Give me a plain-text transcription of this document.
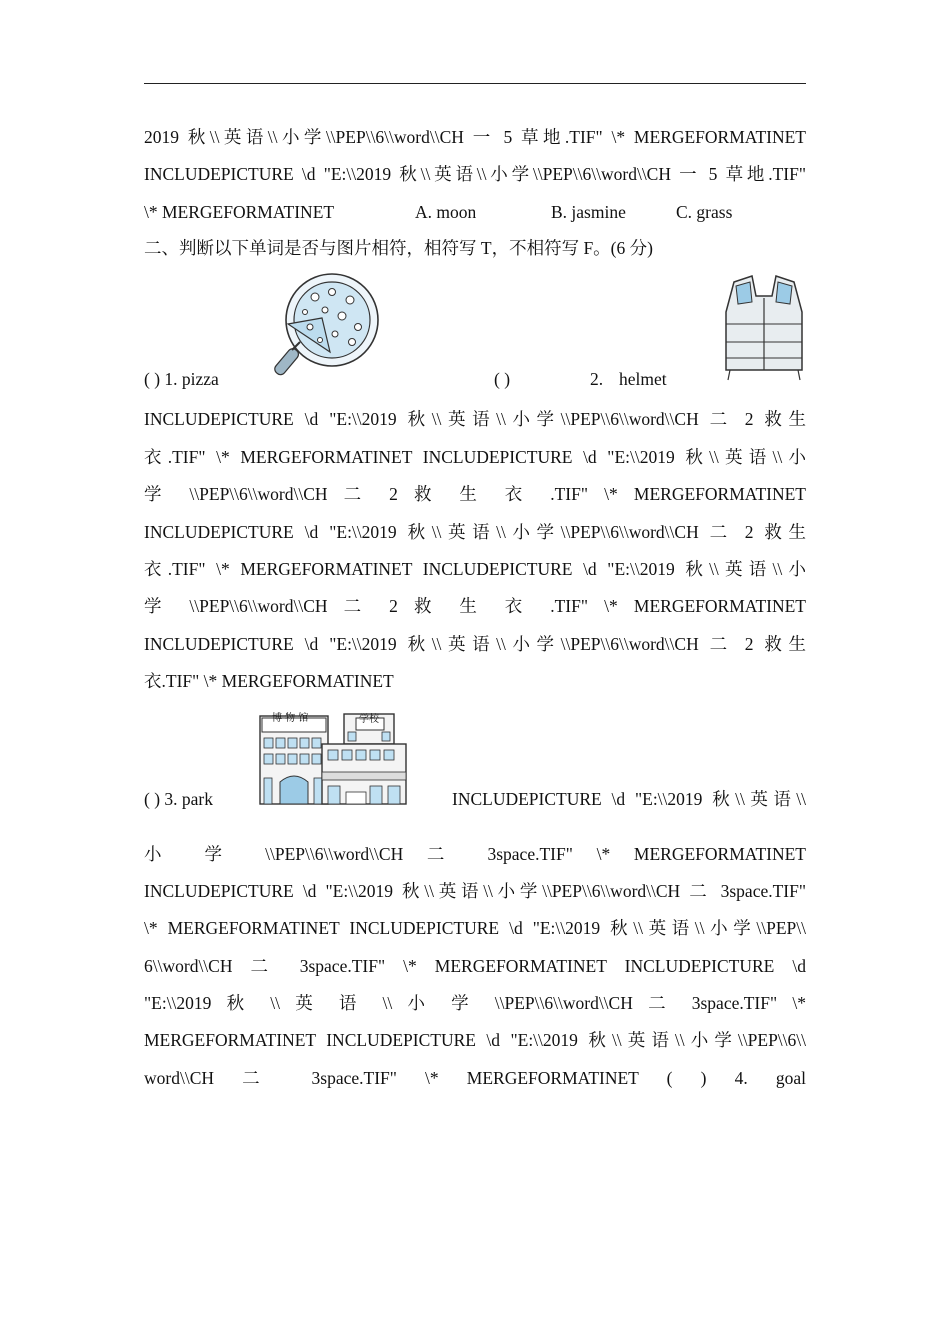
2019 秋\\英语\\小学\\PEP\\6\\word\\CH 一 5 草地.TIF" \* MERGEFORMATINET
INCLUDEPICTURE \d "E:\\2019 秋\\英语\\小学\\PEP\\6\\word\\CH 一 5 草地.TIF"
\* MERGEFORMATINET	A. moon	B. jasmine	C. grass
二、判断以下单词是否与图片相符，相符写 T，不相符写 F。(6 分)
( ) 1. pizza	( )	2. helmet
INCLUDEPICTURE \d "E:\\2019 秋\\英语\\小学\\PEP\\6\\word\\CH 二 2 救生
衣.TIF" \* MERGEFORMATINET INCLUDEPICTURE \d "E:\\2019 秋\\英语\\小
学 \\PEP\\6\\word\\CH 二 2 救 生 衣 .TIF" \* MERGEFORMATINET
INCLUDEPICTURE \d "E:\\2019 秋\\英语\\小学\\PEP\\6\\word\\CH 二 2 救生
衣.TIF" \* MERGEFORMATINET INCLUDEPICTURE \d "E:\\2019 秋\\英语\\小
学 \\PEP\\6\\word\\CH 二 2 救 生 衣 .TIF" \* MERGEFORMATINET
INCLUDEPICTURE \d "E:\\2019 秋\\英语\\小学\\PEP\\6\\word\\CH 二 2 救生
衣.TIF" \* MERGEFORMATINET
( ) 3. park
博 物 馆	学校
INCLUDEPICTURE \d "E:\\2019 秋\\英语\\
小 学 \\PEP\\6\\word\\CH 二 3space.TIF" \* MERGEFORMATINET
INCLUDEPICTURE \d "E:\\2019 秋\\英语\\小学\\PEP\\6\\word\\CH 二 3space.TIF"
\* MERGEFORMATINET INCLUDEPICTURE \d "E:\\2019 秋\\英语\\小学\\PEP\\
6\\word\\CH 二 3space.TIF" \* MERGEFORMATINET INCLUDEPICTURE \d
"E:\\2019 秋 \\ 英 语 \\ 小 学 \\PEP\\6\\word\\CH 二 3space.TIF" \*
MERGEFORMATINET INCLUDEPICTURE \d "E:\\2019 秋\\英语\\小学\\PEP\\6\\
word\\CH 二 3space.TIF" \* MERGEFORMATINET ( ) 4. goal
